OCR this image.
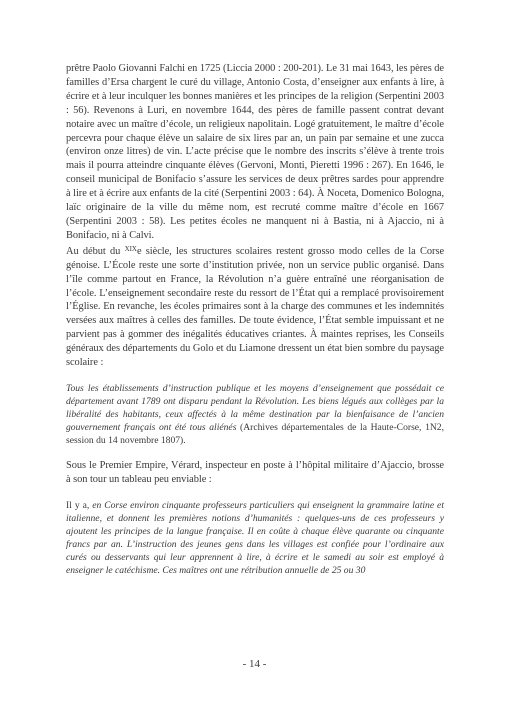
prêtre Paolo Giovanni Falchi en 1725 (Liccia 2000 : 200-201). Le 31 mai 1643, les pères de familles d’Ersa chargent le curé du village, Antonio Costa, d’enseigner aux enfants à lire, à écrire et à leur inculquer les bonnes manières et les principes de la religion (Serpentini 2003 : 56). Revenons à Luri, en novembre 1644, des pères de famille passent contrat devant notaire avec un maître d’école, un religieux napolitain. Logé gratuitement, le maître d’école percevra pour chaque élève un salaire de six lires par an, un pain par semaine et une zucca (environ onze litres) de vin. L’acte précise que le nombre des inscrits s’élève à trente trois mais il pourra atteindre cinquante élèves (Gervoni, Monti, Pieretti 1996 : 267). En 1646, le conseil municipal de Bonifacio s’assure les services de deux prêtres sardes pour apprendre à lire et à écrire aux enfants de la cité (Serpentini 2003 : 64). À Noceta, Domenico Bologna, laïc originaire de la ville du même nom, est recruté comme maître d’école en 1667 (Serpentini 2003 : 58). Les petites écoles ne manquent ni à Bastia, ni à Ajaccio, ni à Bonifacio, ni à Calvi.

Au début du $^{XIX}$e siècle, les structures scolaires restent grosso modo celles de la Corse génoise. L’École reste une sorte d’institution privée, non un service public organisé. Dans l’île comme partout en France, la Révolution n’a guère entraîné une réorganisation de l’école. L’enseignement secondaire reste du ressort de l’État qui a remplacé provisoirement l’Église. En revanche, les écoles primaires sont à la charge des communes et les indemnités versées aux maîtres à celles des familles. De toute évidence, l’État semble impuissant et ne parvient pas à gommer des inégalités éducatives criantes. À maintes reprises, les Conseils généraux des départements du Golo et du Liamone dressent un état bien sombre du paysage scolaire :

Tous les établissements d’instruction publique et les moyens d’enseignement que possédait ce département avant 1789 ont disparu pendant la Révolution. Les biens légués aux collèges par la libéralité des habitants, ceux affectés à la même destination par la bienfaisance de l’ancien gouvernement français ont été tous aliénés (Archives départementales de la Haute-Corse, 1N2, session du 14 novembre 1807).

Sous le Premier Empire, Vérard, inspecteur en poste à l’hôpital militaire d’Ajaccio, brosse à son tour un tableau peu enviable :

Il y a, en Corse environ cinquante professeurs particuliers qui enseignent la grammaire latine et italienne, et donnent les premières notions d’humanités : quelques-uns de ces professeurs y ajoutent les principes de la langue française. Il en coûte à chaque élève quarante ou cinquante francs par an. L’instruction des jeunes gens dans les villages est confiée pour l’ordinaire aux curés ou desservants qui leur apprennent à lire, à écrire et le samedi au soir est employé à enseigner le catéchisme. Ces maîtres ont une rétribution annuelle de 25 ou 30

- 14 -
